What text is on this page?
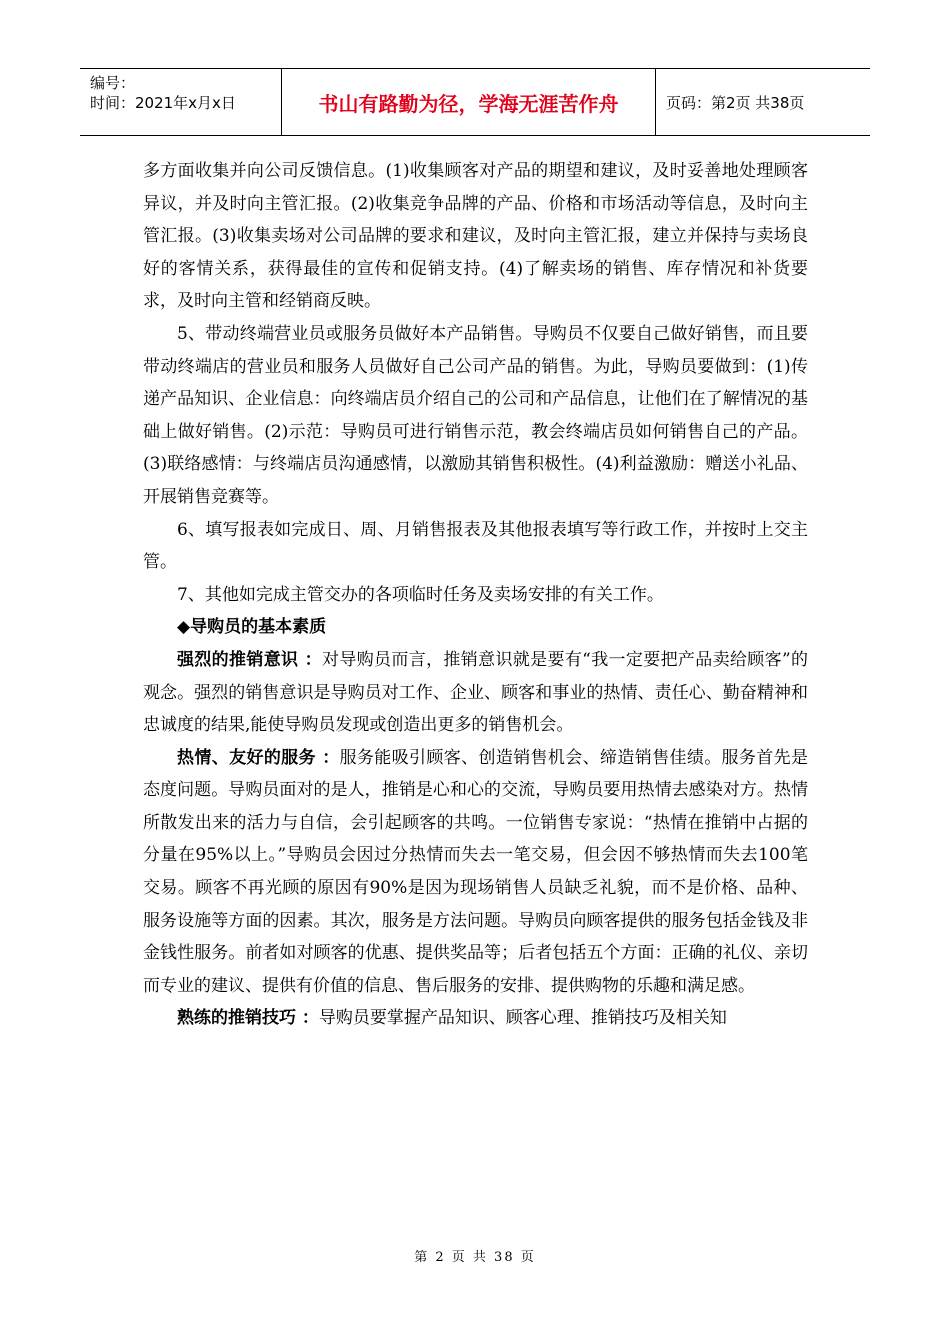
编号：
时间：2021年x月x日	书山有路勤为径，学海无涯苦作舟	页码：第2页 共38页

多方面收集并向公司反馈信息。(1)收集顾客对产品的期望和建议，及时妥善地处理顾客异议，并及时向主管汇报。(2)收集竞争品牌的产品、价格和市场活动等信息，及时向主管汇报。(3)收集卖场对公司品牌的要求和建议，及时向主管汇报，建立并保持与卖场良好的客情关系，获得最佳的宣传和促销支持。(4)了解卖场的销售、库存情况和补货要求，及时向主管和经销商反映。

5、带动终端营业员或服务员做好本产品销售。导购员不仅要自己做好销售，而且要带动终端店的营业员和服务人员做好自己公司产品的销售。为此，导购员要做到：(1)传递产品知识、企业信息：向终端店员介绍自己的公司和产品信息，让他们在了解情况的基础上做好销售。(2)示范：导购员可进行销售示范，教会终端店员如何销售自己的产品。(3)联络感情：与终端店员沟通感情，以激励其销售积极性。(4)利益激励：赠送小礼品、开展销售竞赛等。

6、填写报表如完成日、周、月销售报表及其他报表填写等行政工作，并按时上交主管。

7、其他如完成主管交办的各项临时任务及卖场安排的有关工作。

◆导购员的基本素质

强烈的推销意识 ：对导购员而言，推销意识就是要有“我一定要把产品卖给顾客”的观念。强烈的销售意识是导购员对工作、企业、顾客和事业的热情、责任心、勤奋精神和忠诚度的结果,能使导购员发现或创造出更多的销售机会。

热情、友好的服务 ：服务能吸引顾客、创造销售机会、缔造销售佳绩。服务首先是态度问题。导购员面对的是人，推销是心和心的交流，导购员要用热情去感染对方。热情所散发出来的活力与自信，会引起顾客的共鸣。一位销售专家说：“热情在推销中占据的分量在95%以上。”导购员会因过分热情而失去一笔交易，但会因不够热情而失去100笔交易。顾客不再光顾的原因有90%是因为现场销售人员缺乏礼貌，而不是价格、品种、服务设施等方面的因素。其次，服务是方法问题。导购员向顾客提供的服务包括金钱及非金钱性服务。前者如对顾客的优惠、提供奖品等；后者包括五个方面：正确的礼仪、亲切而专业的建议、提供有价值的信息、售后服务的安排、提供购物的乐趣和满足感。

熟练的推销技巧 ：导购员要掌握产品知识、顾客心理、推销技巧及相关知

第 2 页 共 38 页
